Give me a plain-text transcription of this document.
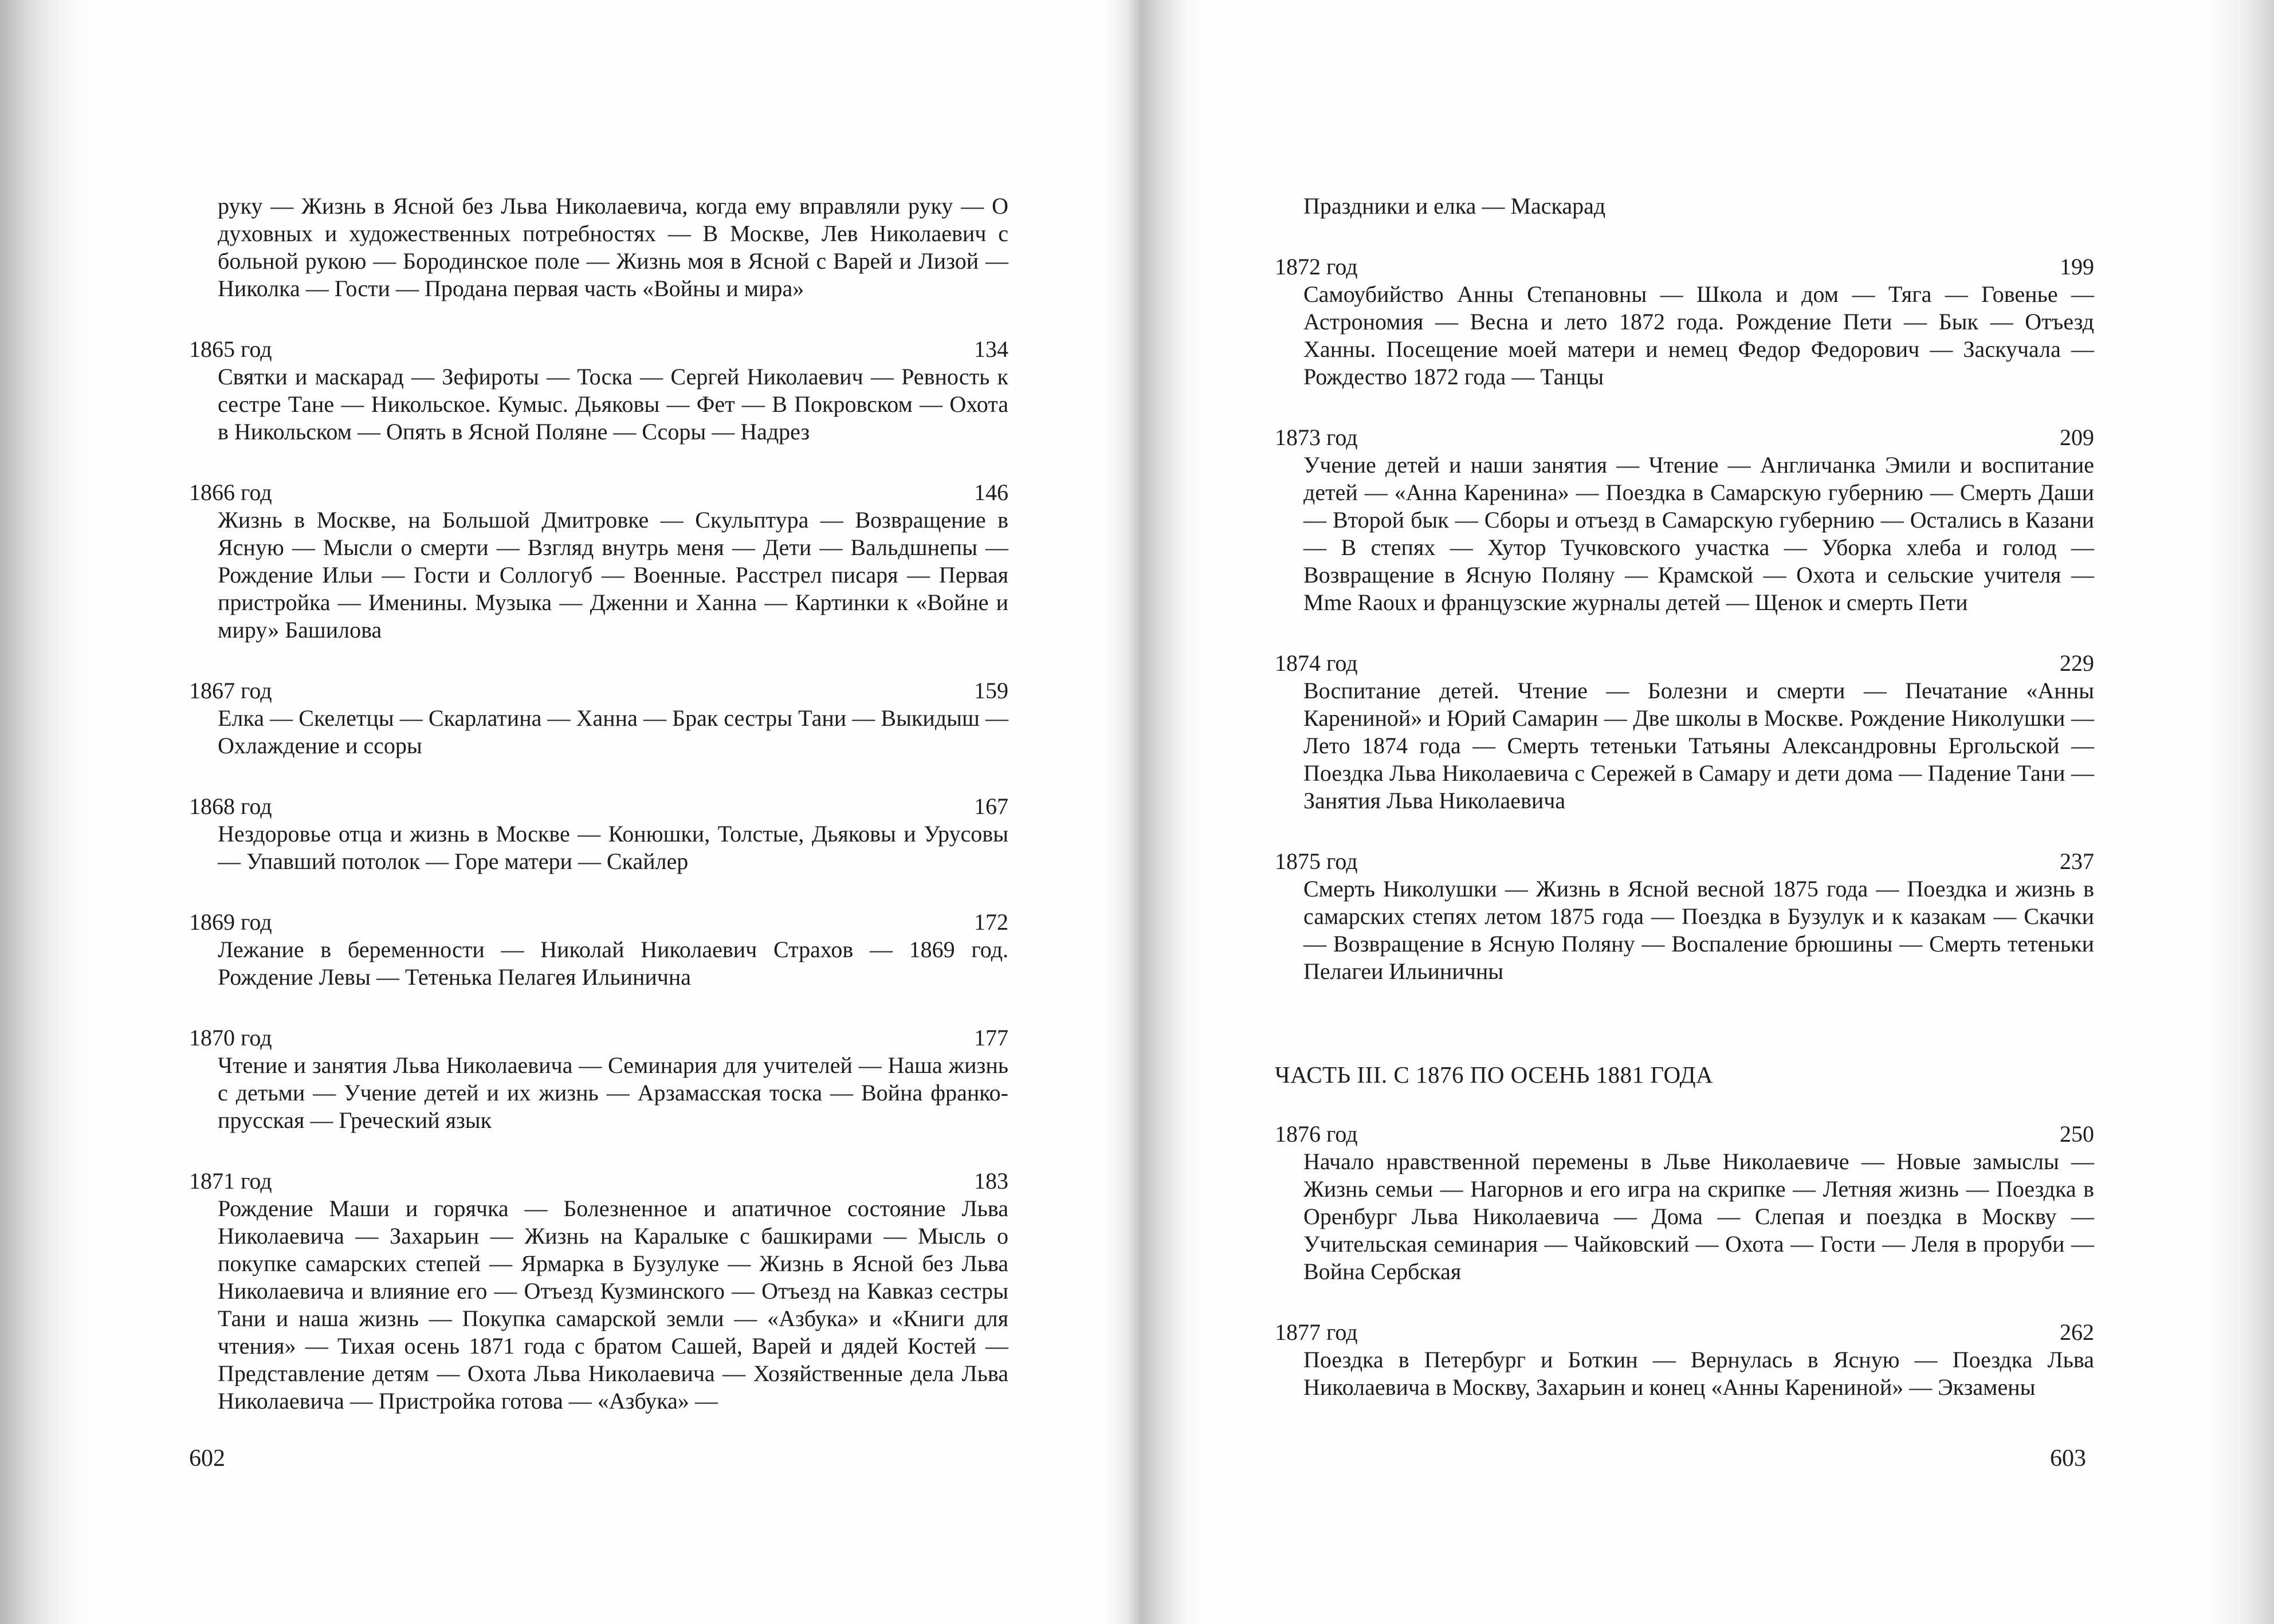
руку — Жизнь в Ясной без Льва Николаевича, когда ему вправляли руку — О духовных и художественных потребностях — В Москве, Лев Николаевич с больной рукою — Бородинское поле — Жизнь моя в Ясной с Варей и Лизой — Николка — Гости — Продана первая часть «Войны и мира»

1865 год	134

Святки и маскарад — Зефироты — Тоска — Сергей Николаевич — Ревность к сестре Тане — Никольское. Кумыс. Дьяковы — Фет — В Покровском — Охота в Никольском — Опять в Ясной Поляне — Ссоры — Надрез

1866 год	146

Жизнь в Москве, на Большой Дмитровке — Скульптура — Возвращение в Ясную — Мысли о смерти — Взгляд внутрь меня — Дети — Вальдшнепы — Рождение Ильи — Гости и Соллогуб — Военные. Расстрел писаря — Первая пристройка — Именины. Музыка — Дженни и Ханна — Картинки к «Войне и миру» Башилова

1867 год	159

Елка — Скелетцы — Скарлатина — Ханна — Брак сестры Тани — Выкидыш — Охлаждение и ссоры

1868 год	167

Нездоровье отца и жизнь в Москве — Конюшки, Толстые, Дьяковы и Урусовы — Упавший потолок — Горе матери — Скайлер

1869 год	172

Лежание в беременности — Николай Николаевич Страхов — 1869 год. Рождение Левы — Тетенька Пелагея Ильинична

1870 год	177

Чтение и занятия Льва Николаевича — Семинария для учителей — Наша жизнь с детьми — Учение детей и их жизнь — Арзамасская тоска — Война франко-прусская — Греческий язык

1871 год	183

Рождение Маши и горячка — Болезненное и апатичное состояние Льва Николаевича — Захарьин — Жизнь на Каралыке с башкирами — Мысль о покупке самарских степей — Ярмарка в Бузулуке — Жизнь в Ясной без Льва Николаевича и влияние его — Отъезд Кузминского — Отъезд на Кавказ сестры Тани и наша жизнь — Покупка самарской земли — «Азбука» и «Книги для чтения» — Тихая осень 1871 года с братом Сашей, Варей и дядей Костей — Представление детям — Охота Льва Николаевича — Хозяйственные дела Льва Николаевича — Пристройка готова — «Азбука» —

Праздники и елка — Маскарад

1872 год	199

Самоубийство Анны Степановны — Школа и дом — Тяга — Говенье — Астрономия — Весна и лето 1872 года. Рождение Пети — Бык — Отъезд Ханны. Посещение моей матери и немец Федор Федорович — Заскучала — Рождество 1872 года — Танцы

1873 год	209

Учение детей и наши занятия — Чтение — Англичанка Эмили и воспитание детей — «Анна Каренина» — Поездка в Самарскую губернию — Смерть Даши — Второй бык — Сборы и отъезд в Самарскую губернию — Остались в Казани — В степях — Хутор Тучковского участка — Уборка хлеба и голод — Возвращение в Ясную Поляну — Крамской — Охота и сельские учителя — Mme Raoux и французские журналы детей — Щенок и смерть Пети

1874 год	229

Воспитание детей. Чтение — Болезни и смерти — Печатание «Анны Карениной» и Юрий Самарин — Две школы в Москве. Рождение Николушки — Лето 1874 года — Смерть тетеньки Татьяны Александровны Ергольской — Поездка Льва Николаевича с Сережей в Самару и дети дома — Падение Тани — Занятия Льва Николаевича

1875 год	237

Смерть Николушки — Жизнь в Ясной весной 1875 года — Поездка и жизнь в самарских степях летом 1875 года — Поездка в Бузулук и к казакам — Скачки — Возвращение в Ясную Поляну — Воспаление брюшины — Смерть тетеньки Пелагеи Ильиничны

ЧАСТЬ III. С 1876 ПО ОСЕНЬ 1881 ГОДА
1876 год	250

Начало нравственной перемены в Льве Николаевиче — Новые замыслы — Жизнь семьи — Нагорнов и его игра на скрипке — Летняя жизнь — Поездка в Оренбург Льва Николаевича — Дома — Слепая и поездка в Москву — Учительская семинария — Чайковский — Охота — Гости — Леля в проруби — Война Сербская

1877 год	262

Поездка в Петербург и Боткин — Вернулась в Ясную — Поездка Льва Николаевича в Москву, Захарьин и конец «Анны Карениной» — Экзамены

602	603
